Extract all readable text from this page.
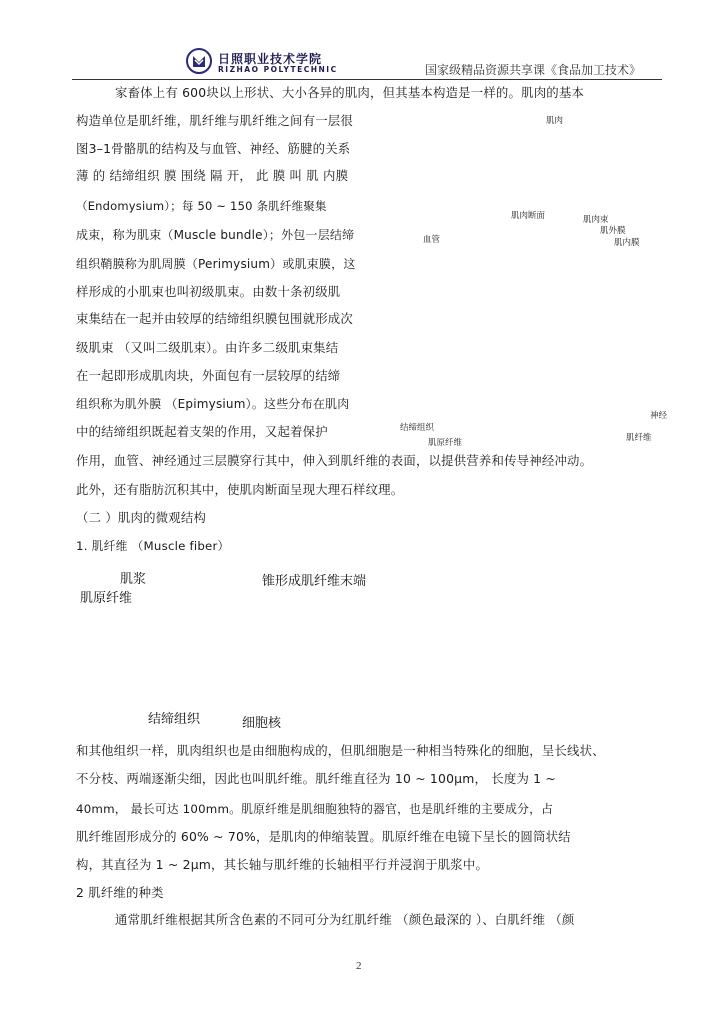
日照职业技术学院
RIZHAO POLYTECHNIC	国家级精品资源共享课《食品加工技术》
家畜体上有 600块以上形状、大小各异的肌肉，但其基本构造是一样的。肌肉的基本
构造单位是肌纤维，肌纤维与肌纤维之间有一层很
图3–1骨骼肌的结构及与血管、神经、筋腱的关系
薄 的 结缔组织 膜 围绕 隔 开， 此 膜 叫 肌 内膜
（Endomysium）；每 50 ~ 150 条肌纤维聚集
成束，称为肌束（Muscle bundle）；外包一层结缔
组织鞘膜称为肌周膜（Perimysium）或肌束膜，这
样形成的小肌束也叫初级肌束。由数十条初级肌
束集结在一起并由较厚的结缔组织膜包围就形成次
级肌束 （又叫二级肌束）。由许多二级肌束集结
在一起即形成肌肉块，外面包有一层较厚的结缔
组织称为肌外膜 （Epimysium）。这些分布在肌肉
中的结缔组织既起着支架的作用，又起着保护
作用，血管、神经通过三层膜穿行其中，伸入到肌纤维的表面，以提供营养和传导神经冲动。
此外，还有脂肪沉积其中，使肌肉断面呈现大理石样纹理。
肌肉
肌肉断面	肌肉束
肌外膜
肌内膜
血管
神经
肌纤维
结缔组织
肌原纤维
（二 ）肌肉的微观结构
1. 肌纤维 （Muscle fiber）
肌浆
肌原纤维
锥形成肌纤维末端
结缔组织	细胞核
和其他组织一样，肌肉组织也是由细胞构成的，但肌细胞是一种相当特殊化的细胞，呈长线状、
不分枝、两端逐渐尖细，因此也叫肌纤维。肌纤维直径为 10 ~ 100μm， 长度为 1 ~
40mm， 最长可达 100mm。肌原纤维是肌细胞独特的器官，也是肌纤维的主要成分，占
肌纤维固形成分的 60% ~ 70%，是肌肉的伸缩装置。肌原纤维在电镜下呈长的圆筒状结
构，其直径为 1 ~ 2μm，其长轴与肌纤维的长轴相平行并浸润于肌浆中。
2 肌纤维的种类
通常肌纤维根据其所含色素的不同可分为红肌纤维 （颜色最深的 ）、白肌纤维 （颜
2
